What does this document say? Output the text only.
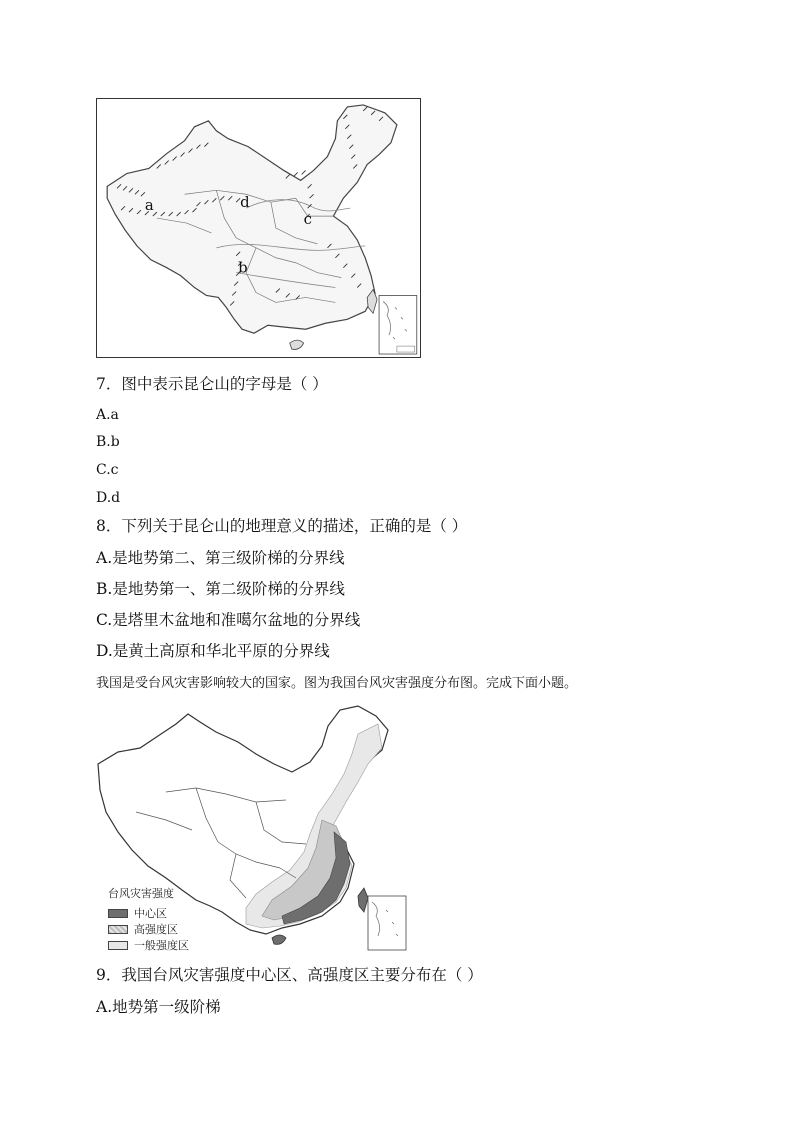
a	d
c
b
7．图中表示昆仑山的字母是（ ）
A.a
B.b
C.c
D.d
8．下列关于昆仑山的地理意义的描述，正确的是（ ）
A.是地势第二、第三级阶梯的分界线
B.是地势第一、第二级阶梯的分界线
C.是塔里木盆地和准噶尔盆地的分界线
D.是黄土高原和华北平原的分界线
我国是受台风灾害影响较大的国家。图为我国台风灾害强度分布图。完成下面小题。
台风灾害强度
中心区
高强度区
一般强度区
9．我国台风灾害强度中心区、高强度区主要分布在（ ）
A.地势第一级阶梯
